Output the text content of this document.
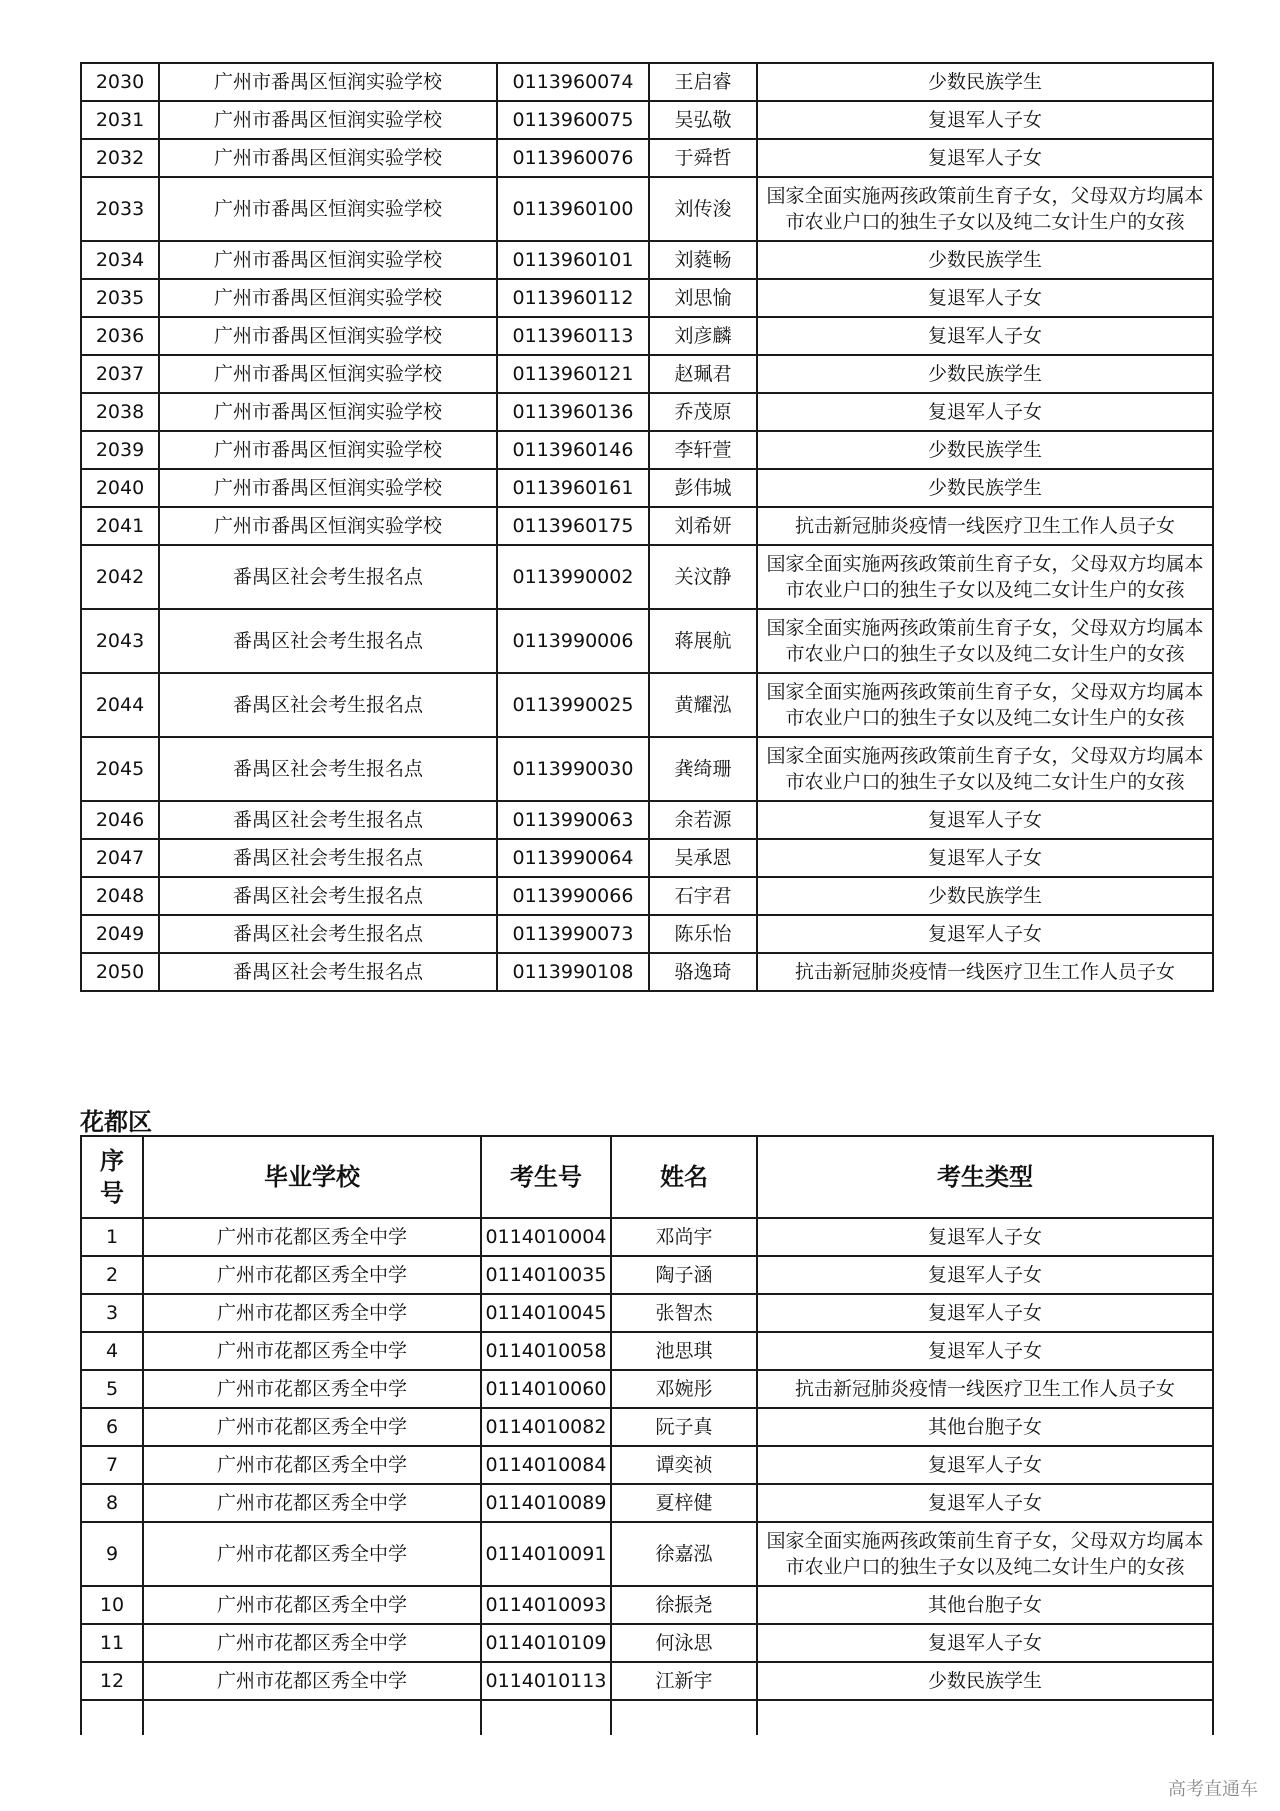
2030	广州市番禺区恒润实验学校	0113960074	王启睿	少数民族学生
2031	广州市番禺区恒润实验学校	0113960075	吴弘敬	复退军人子女
2032	广州市番禺区恒润实验学校	0113960076	于舜哲	复退军人子女
2033	广州市番禺区恒润实验学校	0113960100	刘传浚	国家全面实施两孩政策前生育子女，父母双方均属本市农业户口的独生子女以及纯二女计生户的女孩
2034	广州市番禺区恒润实验学校	0113960101	刘蕤畅	少数民族学生
2035	广州市番禺区恒润实验学校	0113960112	刘思愉	复退军人子女
2036	广州市番禺区恒润实验学校	0113960113	刘彦麟	复退军人子女
2037	广州市番禺区恒润实验学校	0113960121	赵珮君	少数民族学生
2038	广州市番禺区恒润实验学校	0113960136	乔茂原	复退军人子女
2039	广州市番禺区恒润实验学校	0113960146	李轩萱	少数民族学生
2040	广州市番禺区恒润实验学校	0113960161	彭伟城	少数民族学生
2041	广州市番禺区恒润实验学校	0113960175	刘希妍	抗击新冠肺炎疫情一线医疗卫生工作人员子女
2042	番禺区社会考生报名点	0113990002	关汶静	国家全面实施两孩政策前生育子女，父母双方均属本市农业户口的独生子女以及纯二女计生户的女孩
2043	番禺区社会考生报名点	0113990006	蒋展航	国家全面实施两孩政策前生育子女，父母双方均属本市农业户口的独生子女以及纯二女计生户的女孩
2044	番禺区社会考生报名点	0113990025	黄耀泓	国家全面实施两孩政策前生育子女，父母双方均属本市农业户口的独生子女以及纯二女计生户的女孩
2045	番禺区社会考生报名点	0113990030	龚绮珊	国家全面实施两孩政策前生育子女，父母双方均属本市农业户口的独生子女以及纯二女计生户的女孩
2046	番禺区社会考生报名点	0113990063	余若源	复退军人子女
2047	番禺区社会考生报名点	0113990064	吴承恩	复退军人子女
2048	番禺区社会考生报名点	0113990066	石宇君	少数民族学生
2049	番禺区社会考生报名点	0113990073	陈乐怡	复退军人子女
2050	番禺区社会考生报名点	0113990108	骆逸琦	抗击新冠肺炎疫情一线医疗卫生工作人员子女
花都区
序号	毕业学校	考生号	姓名	考生类型
1	广州市花都区秀全中学	0114010004	邓尚宇	复退军人子女
2	广州市花都区秀全中学	0114010035	陶子涵	复退军人子女
3	广州市花都区秀全中学	0114010045	张智杰	复退军人子女
4	广州市花都区秀全中学	0114010058	池思琪	复退军人子女
5	广州市花都区秀全中学	0114010060	邓婉彤	抗击新冠肺炎疫情一线医疗卫生工作人员子女
6	广州市花都区秀全中学	0114010082	阮子真	其他台胞子女
7	广州市花都区秀全中学	0114010084	谭奕祯	复退军人子女
8	广州市花都区秀全中学	0114010089	夏梓健	复退军人子女
9	广州市花都区秀全中学	0114010091	徐嘉泓	国家全面实施两孩政策前生育子女，父母双方均属本市农业户口的独生子女以及纯二女计生户的女孩
10	广州市花都区秀全中学	0114010093	徐振尧	其他台胞子女
11	广州市花都区秀全中学	0114010109	何泳思	复退军人子女
12	广州市花都区秀全中学	0114010113	江新宇	少数民族学生

高考直通车
